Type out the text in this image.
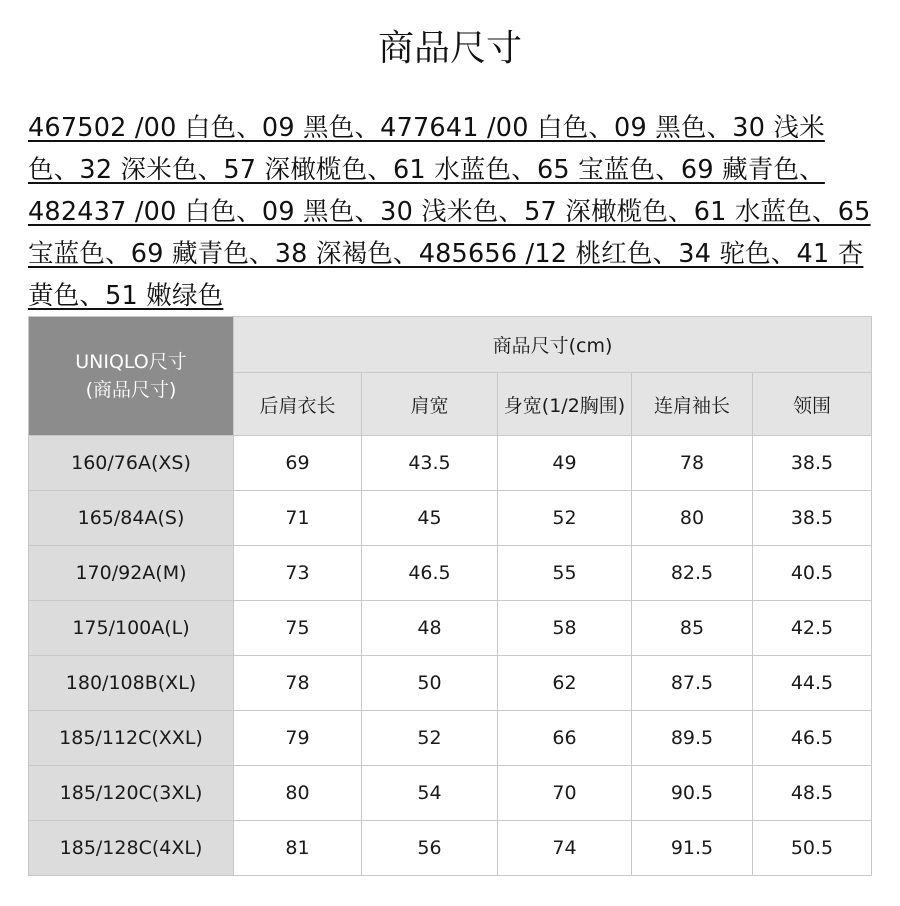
商品尺寸

467502 /00 白色、09 黑色、477641 /00 白色、09 黑色、30 浅米色、32 深米色、57 深橄榄色、61 水蓝色、65 宝蓝色、69 藏青色、482437 /00 白色、09 黑色、30 浅米色、57 深橄榄色、61 水蓝色、65 宝蓝色、69 藏青色、38 深褐色、485656 /12 桃红色、34 驼色、41 杏黄色、51 嫩绿色

UNIQLO尺寸
(商品尺寸)	商品尺寸(cm)				
	后肩衣长	肩宽	身宽(1/2胸围)	连肩袖长	领围
160/76A(XS)	69	43.5	49	78	38.5
165/84A(S)	71	45	52	80	38.5
170/92A(M)	73	46.5	55	82.5	40.5
175/100A(L)	75	48	58	85	42.5
180/108B(XL)	78	50	62	87.5	44.5
185/112C(XXL)	79	52	66	89.5	46.5
185/120C(3XL)	80	54	70	90.5	48.5
185/128C(4XL)	81	56	74	91.5	50.5
